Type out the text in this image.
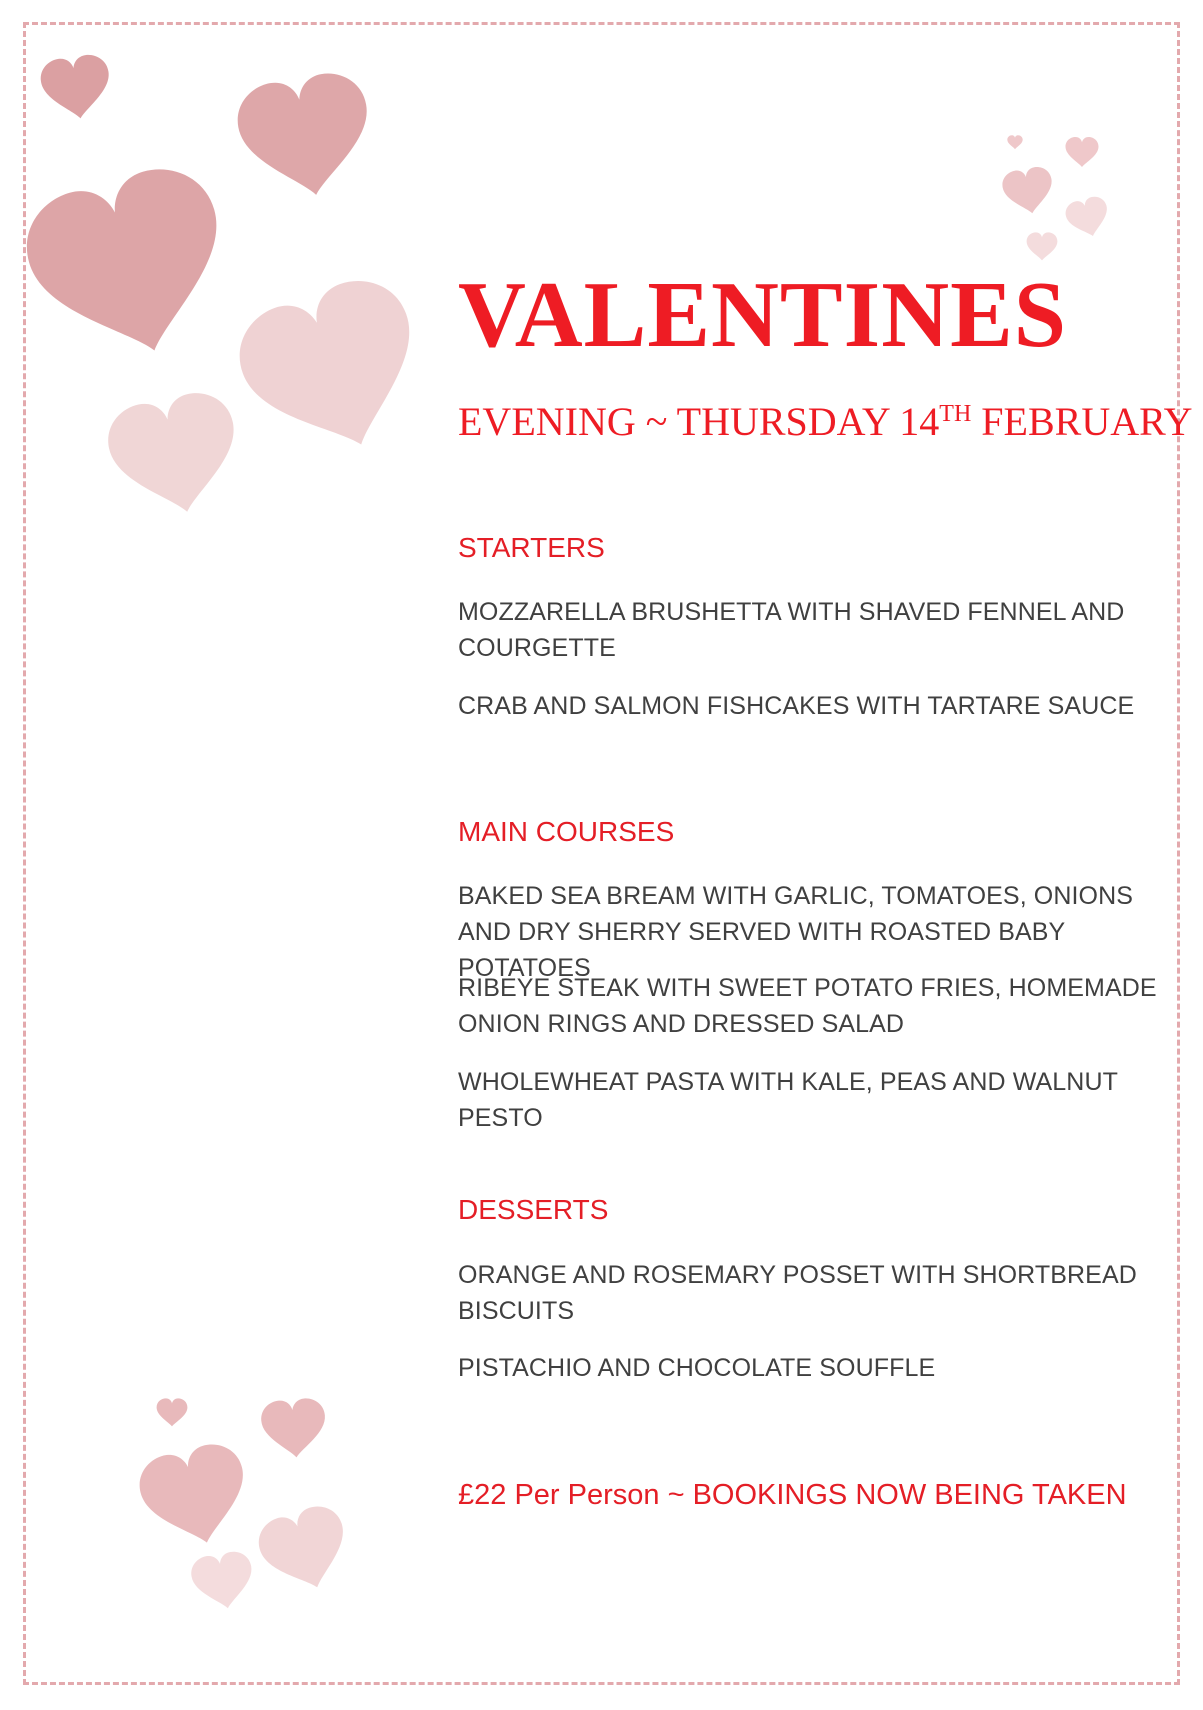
VALENTINES

EVENING ~ THURSDAY 14TH FEBRUARY

STARTERS

MOZZARELLA BRUSHETTA WITH SHAVED FENNEL AND COURGETTE

CRAB AND SALMON FISHCAKES WITH TARTARE SAUCE

MAIN COURSES

BAKED SEA BREAM WITH GARLIC, TOMATOES, ONIONS AND DRY SHERRY SERVED WITH ROASTED BABY POTATOES

RIBEYE STEAK WITH SWEET POTATO FRIES, HOMEMADE ONION RINGS AND DRESSED SALAD

WHOLEWHEAT PASTA WITH KALE, PEAS AND WALNUT PESTO

DESSERTS

ORANGE AND ROSEMARY POSSET WITH SHORTBREAD BISCUITS

PISTACHIO AND CHOCOLATE SOUFFLE

£22 Per Person ~ BOOKINGS NOW BEING TAKEN
